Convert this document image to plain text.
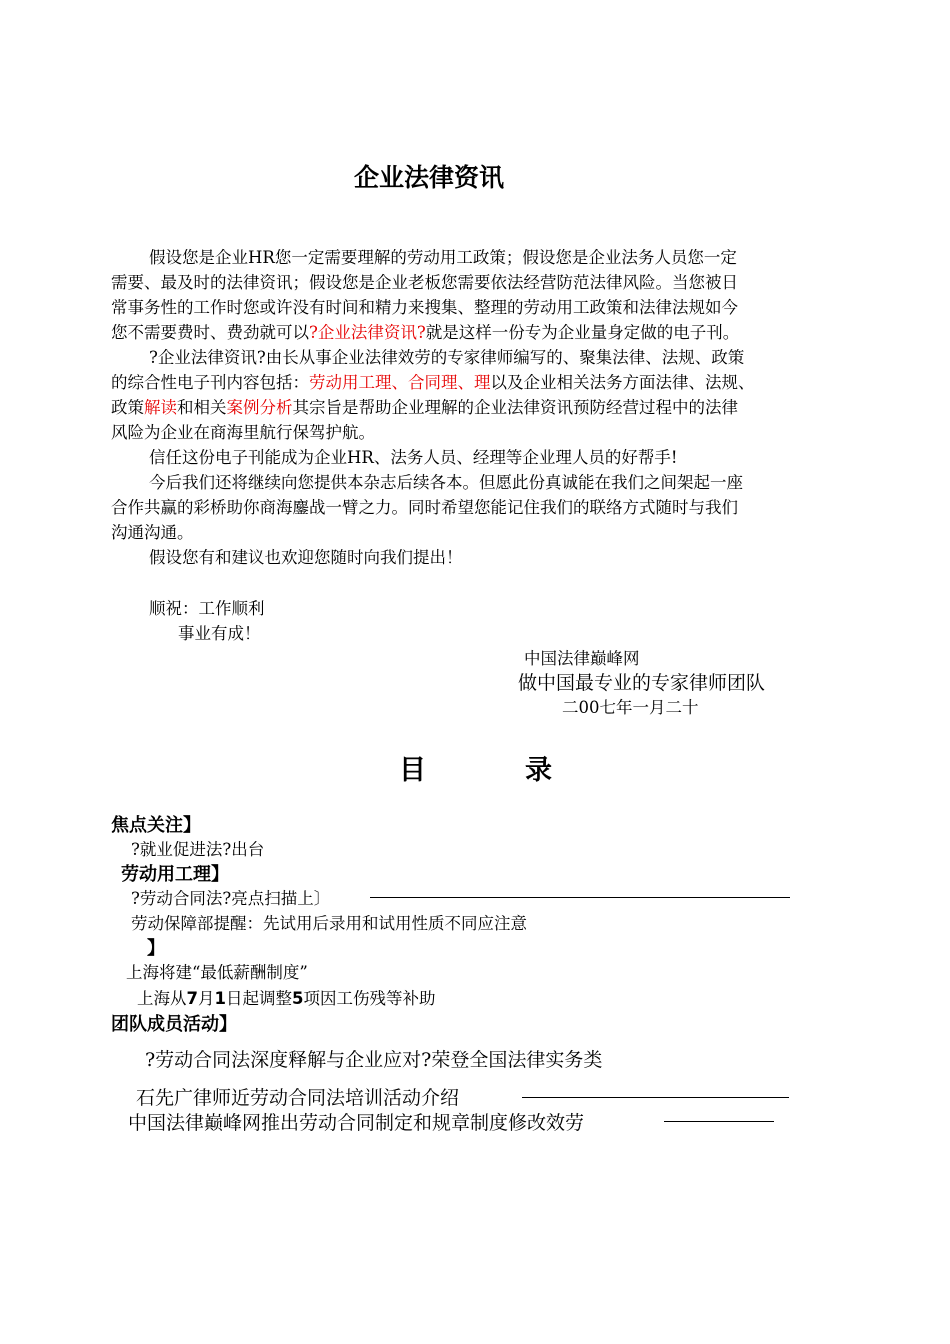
企业法律资讯
假设您是企业HR您一定需要理解的劳动用工政策；假设您是企业法务人员您一定
需要、最及时的法律资讯；假设您是企业老板您需要依法经营防范法律风险。当您被日
常事务性的工作时您或许没有时间和精力来搜集、整理的劳动用工政策和法律法规如今
您不需要费时、费劲就可以?企业法律资讯?就是这样一份专为企业量身定做的电子刊。
?企业法律资讯?由长从事企业法律效劳的专家律师编写的、聚集法律、法规、政策
的综合性电子刊内容包括：劳动用工理、合同理、理以及企业相关法务方面法律、法规、
政策解读和相关案例分析其宗旨是帮助企业理解的企业法律资讯预防经营过程中的法律
风险为企业在商海里航行保驾护航。
信任这份电子刊能成为企业HR、法务人员、经理等企业理人员的好帮手!
今后我们还将继续向您提供本杂志后续各本。但愿此份真诚能在我们之间架起一座
合作共赢的彩桥助你商海鏖战一臂之力。同时希望您能记住我们的联络方式随时与我们
沟通沟通。
假设您有和建议也欢迎您随时向我们提出！
顺祝：工作顺利
事业有成！
中国法律巅峰网
做中国最专业的专家律师团队
二00七年一月二十
目	录
焦点关注】
?就业促进法?出台
劳动用工理】
?劳动合同法?亮点扫描上〕
劳动保障部提醒：先试用后录用和试用性质不同应注意
】
上海将建“最低薪酬制度”
上海从7月1日起调整5项因工伤残等补助
团队成员活动】
?劳动合同法深度释解与企业应对?荣登全国法律实务类
石先广律师近劳动合同法培训活动介绍
中国法律巅峰网推出劳动合同制定和规章制度修改效劳
